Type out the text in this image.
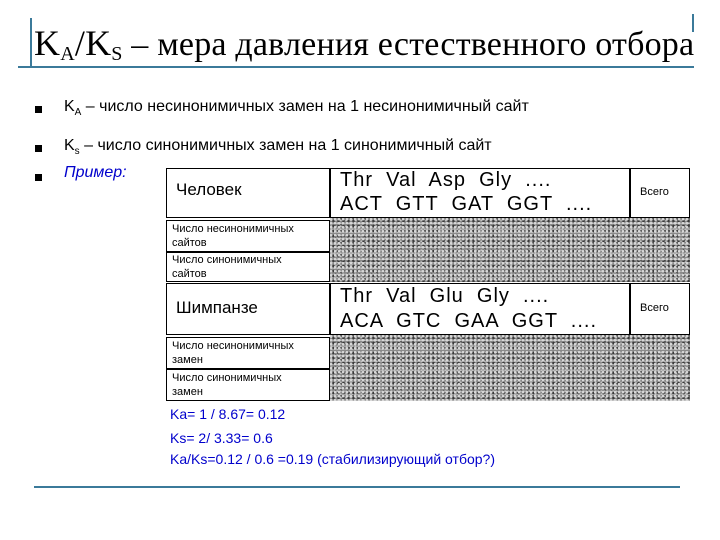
$K_A/K_S$ – мера давления естественного отбора
$K_A$ – число несинонимичных замен на 1 несинонимичный сайт
$K_s$ – число синонимичных замен на 1 синонимичный сайт
Пример:
Человек	Thr  Val  Asp  Gly  ....
ACT  GTT  GAT  GGT  ....
Всего
Число несинонимичных
сайтов
Число синонимичных
сайтов
Шимпанзе
Thr  Val  Glu  Gly  ....
ACA  GTC  GAA  GGT  ....
Всего
Число несинонимичных
замен
Число синонимичных
замен
Ka= 1 / 8.67= 0.12
Ks= 2/ 3.33= 0.6
Ka/Ks=0.12 / 0.6 =0.19 (стабилизирующий отбор?)
